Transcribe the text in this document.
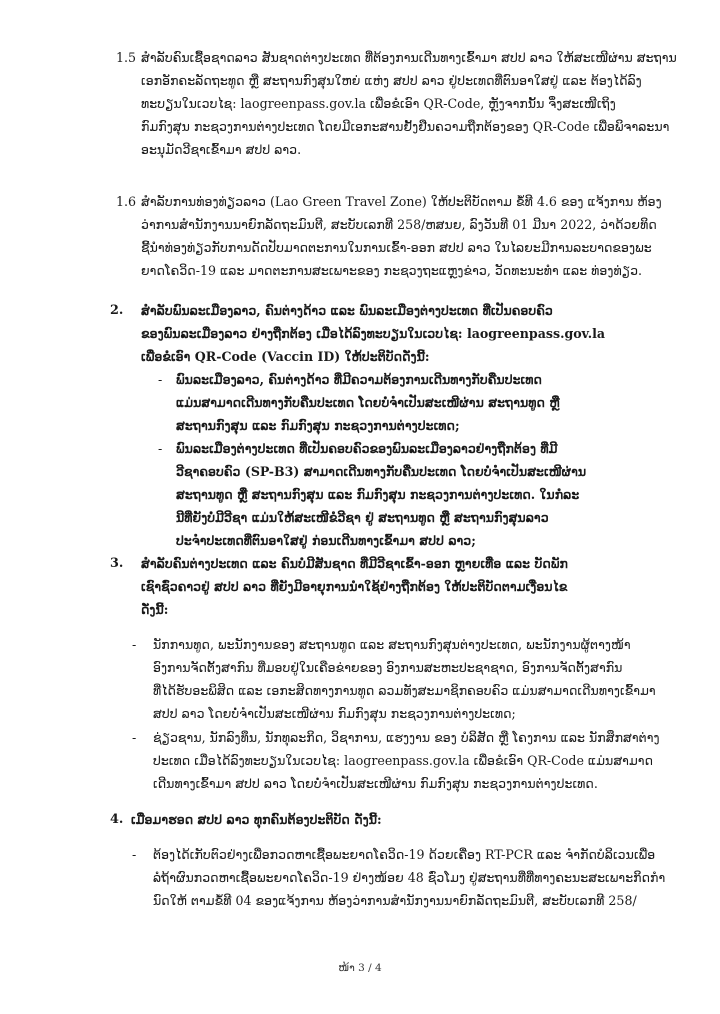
1.5 ສຳລັບຄົນເຊື້ອຊາດລາວ ສັນຊາດຕ່າງປະເທດ ທີ່ຕ້ອງການເດີນທາງເຂົ້າມາ ສປປ ລາວ ໃຫ້ສະເໜີຜ່ານ ສະຖານ
ເອກອັກຄະລັດຖະທູດ ຫຼື ສະຖານກົງສຸນໃຫຍ່ ແຫ່ງ ສປປ ລາວ ຢູ່ປະເທດທີ່ຕົນອາໃສຢູ່ ແລະ ຕ້ອງໄດ້ລົງ
ທະບຽນໃນເວບໄຊ: laogreenpass.gov.la ເພື່ອຂໍເອົາ QR-Code, ຫຼັງຈາກນັ້ນ ຈຶ່ງສະເໜີເຖິງ
ກົມກົງສຸນ ກະຊວງການຕ່າງປະເທດ ໂດຍມີເອກະສານຢັ້ງຢືນຄວາມຖືກຕ້ອງຂອງ QR-Code ເພື່ອພິຈາລະນາ
ອະນຸມັດວີຊາເຂົ້າມາ ສປປ ລາວ.
1.6 ສຳລັບການທ່ອງທ່ຽວລາວ (Lao Green Travel Zone) ໃຫ້ປະຕິບັດຕາມ ຂໍ້ທີ 4.6 ຂອງ ແຈ້ງການ ຫ້ອງ
ວ່າການສຳນັກງານນາຍົກລັດຖະມົນຕີ, ສະບັບເລກທີ 258/ຫສນຍ, ລົງວັນທີ 01 ມີນາ 2022, ວ່າດ້ວຍທິດ
ຊີ້ນຳທ່ອງທ່ຽວກັບການດັດປັບມາດຕະການໃນການເຂົ້າ-ອອກ ສປປ ລາວ ໃນໄລຍະມີການລະບາດຂອງພະ
ຍາດໂຄວິດ-19 ແລະ ມາດຕະການສະເພາະຂອງ ກະຊວງຖະແຫຼງຂ່າວ, ວັດທະນະທຳ ແລະ ທ່ອງທ່ຽວ.
2. ສຳລັບພົນລະເມືອງລາວ, ຄົນຕ່າງດ້າວ ແລະ ພົນລະເມືອງຕ່າງປະເທດ ທີ່ເປັນຄອບຄົວ
ຂອງພົນລະເມືອງລາວ ຢ່າງຖືກຕ້ອງ ເມື່ອໄດ້ລົງທະບຽນໃນເວບໄຊ: laogreenpass.gov.la
ເພື່ອຂໍເອົາ QR-Code (Vaccin ID) ໃຫ້ປະຕິບັດດັ່ງນີ້:
- ພົນລະເມືອງລາວ, ຄົນຕ່າງດ້າວ ທີ່ມີຄວາມຕ້ອງການເດີນທາງກັບຄືນປະເທດ
ແມ່ນສາມາດເດີນທາງກັບຄືນປະເທດ ໂດຍບໍ່ຈຳເປັນສະເໜີຜ່ານ ສະຖານທູດ ຫຼື
ສະຖານກົງສຸນ ແລະ ກົມກົງສຸນ ກະຊວງການຕ່າງປະເທດ;
- ພົນລະເມືອງຕ່າງປະເທດ ທີ່ເປັນຄອບຄົວຂອງພົນລະເມືອງລາວຢ່າງຖືກຕ້ອງ ທີ່ມີ
ວີຊາຄອບຄົວ (SP-B3) ສາມາດເດີນທາງກັບຄືນປະເທດ ໂດຍບໍ່ຈຳເປັນສະເໜີຜ່ານ
ສະຖານທູດ ຫຼື ສະຖານກົງສຸນ ແລະ ກົມກົງສຸນ ກະຊວງການຕ່າງປະເທດ. ໃນກໍລະ
ນີທີ່ຍັງບໍ່ມີວີຊາ ແມ່ນໃຫ້ສະເໜີຂໍວີຊາ ຢູ່ ສະຖານທູດ ຫຼື ສະຖານກົງສຸນລາວ
ປະຈຳປະເທດທີ່ຕົນອາໃສຢູ່ ກ່ອນເດີນທາງເຂົ້າມາ ສປປ ລາວ;
3. ສຳລັບຄົນຕ່າງປະເທດ ແລະ ຄົນບໍ່ມີສັນຊາດ ທີ່ມີວີຊາເຂົ້າ-ອອກ ຫຼາຍເທື່ອ ແລະ ບັດພັກ
ເຊົາຊົ່ວຄາວຢູ່ ສປປ ລາວ ທີ່ຍັງມີອາຍຸການນຳໃຊ້ຢ່າງຖືກຕ້ອງ ໃຫ້ປະຕິບັດຕາມເງື່ອນໄຂ
ດັ່ງນີ້:
- ນັກການທູດ, ພະນັກງານຂອງ ສະຖານທູດ ແລະ ສະຖານກົງສຸນຕ່າງປະເທດ, ພະນັກງານຜູ້ຕາງໜ້າ
ອົງການຈັດຕັ້ງສາກົນ ທີ່ມອບຢູ່ໃນເຄືອຂ່າຍຂອງ ອົງການສະຫະປະຊາຊາດ, ອົງການຈັດຕັ້ງສາກົນ
ທີ່ໄດ້ຮັບອະພິສິດ ແລະ ເອກະສິດທາງການທູດ ລວມທັງສະມາຊິກຄອບຄົວ ແມ່ນສາມາດເດີນທາງເຂົ້າມາ
ສປປ ລາວ ໂດຍບໍ່ຈຳເປັນສະເໜີຜ່ານ ກົມກົງສຸນ ກະຊວງການຕ່າງປະເທດ;
- ຊ່ຽວຊານ, ນັກລົງທຶນ, ນັກທຸລະກິດ, ວິຊາການ, ແຮງງານ ຂອງ ບໍລິສັດ ຫຼື ໂຄງການ ແລະ ນັກສຶກສາຕ່າງ
ປະເທດ ເມື່ອໄດ້ລົງທະບຽນໃນເວບໄຊ: laogreenpass.gov.la ເພື່ອຂໍເອົາ QR-Code ແມ່ນສາມາດ
ເດີນທາງເຂົ້າມາ ສປປ ລາວ ໂດຍບໍ່ຈຳເປັນສະເໜີຜ່ານ ກົມກົງສຸນ ກະຊວງການຕ່າງປະເທດ.
4. ເມື່ອມາຮອດ ສປປ ລາວ ທຸກຄົນຕ້ອງປະຕິບັດ ດັ່ງນີ້:
- ຕ້ອງໄດ້ເກັບຕົວຢ່າງເພື່ອກວດຫາເຊື້ອພະຍາດໂຄວິດ-19 ດ້ວຍເຄື່ອງ RT-PCR ແລະ ຈຳກັດບໍລິເວນເພື່ອ
ລໍຖ້າຜົນກວດຫາເຊື້ອພະຍາດໂຄວິດ-19 ຢ່າງໜ້ອຍ 48 ຊົ່ວໂມງ ຢູ່ສະຖານທີ່ທີ່ທາງຄະນະສະເພາະກິດກຳ
ນົດໃຫ້ ຕາມຂໍ້ທີ 04 ຂອງແຈ້ງການ ຫ້ອງວ່າການສຳນັກງານນາຍົກລັດຖະມົນຕີ, ສະບັບເລກທີ 258/
ໜ້າ 3 / 4
